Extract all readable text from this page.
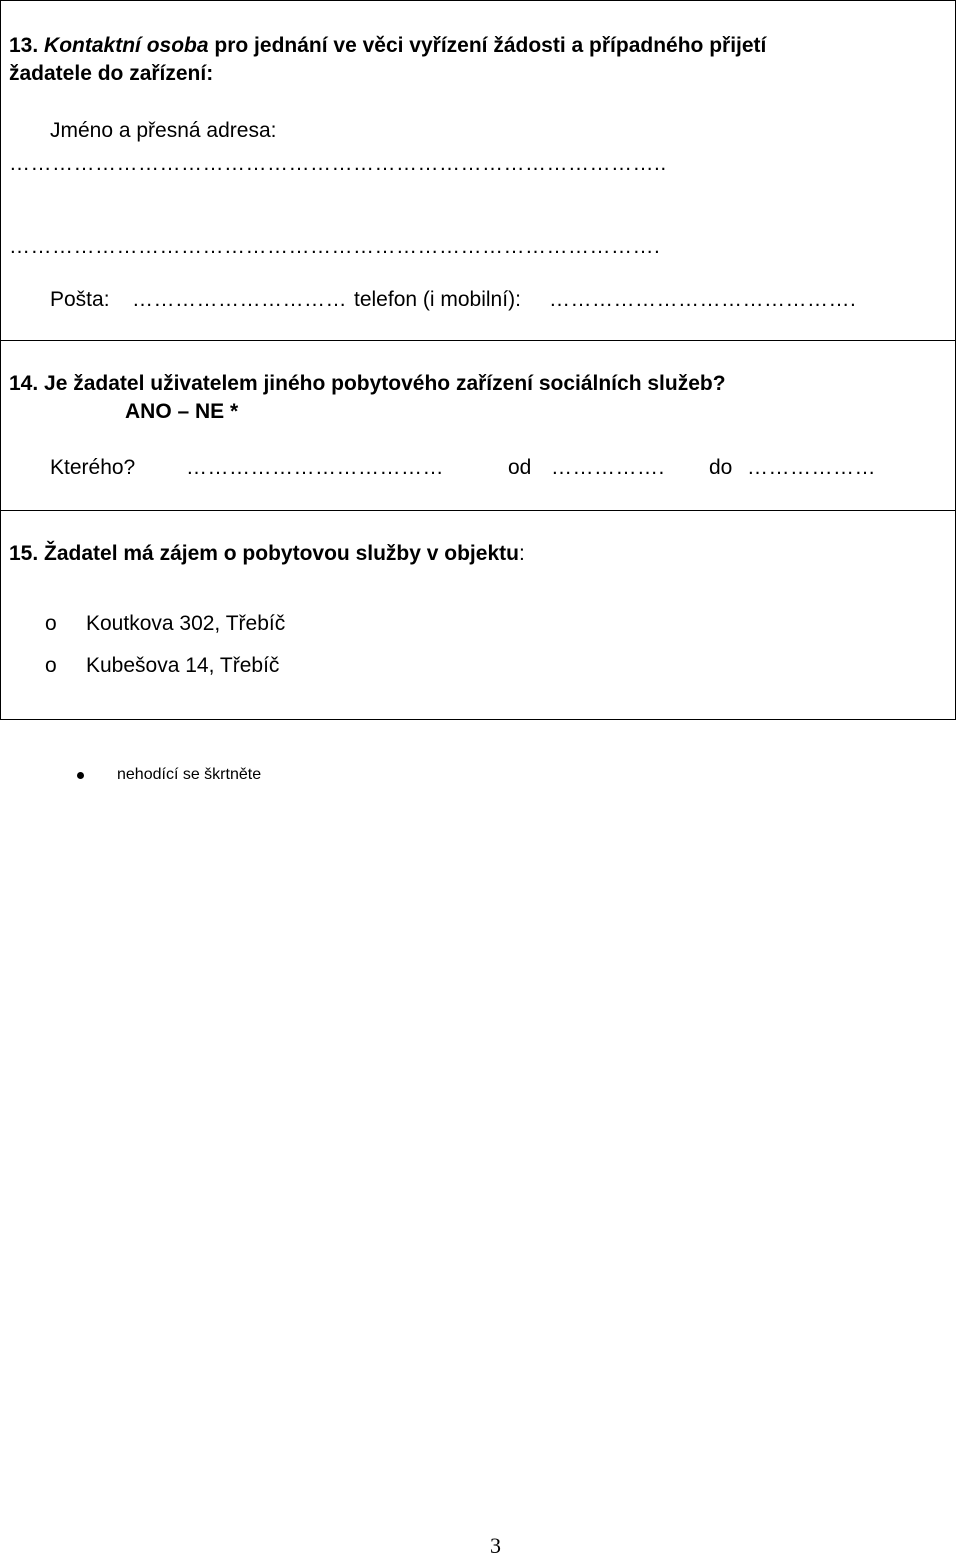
13. Kontaktní osoba pro jednání ve věci vyřízení žádosti a případného přijetí
žadatele do zařízení:
Jméno a přesná adresa:
………………………………………………………………………………..
……………………………………………………………………………….
Pošta: ………………………… telefon (i mobilní): …………………………………….
14. Je žadatel uživatelem jiného pobytového zařízení sociálních služeb?
ANO – NE *
Kterého? ………………………………	od …………….	do ………………
15. Žadatel má zájem o pobytovou služby v objektu:
o Koutkova 302, Třebíč
o Kubešova 14, Třebíč
nehodící se škrtněte
3
